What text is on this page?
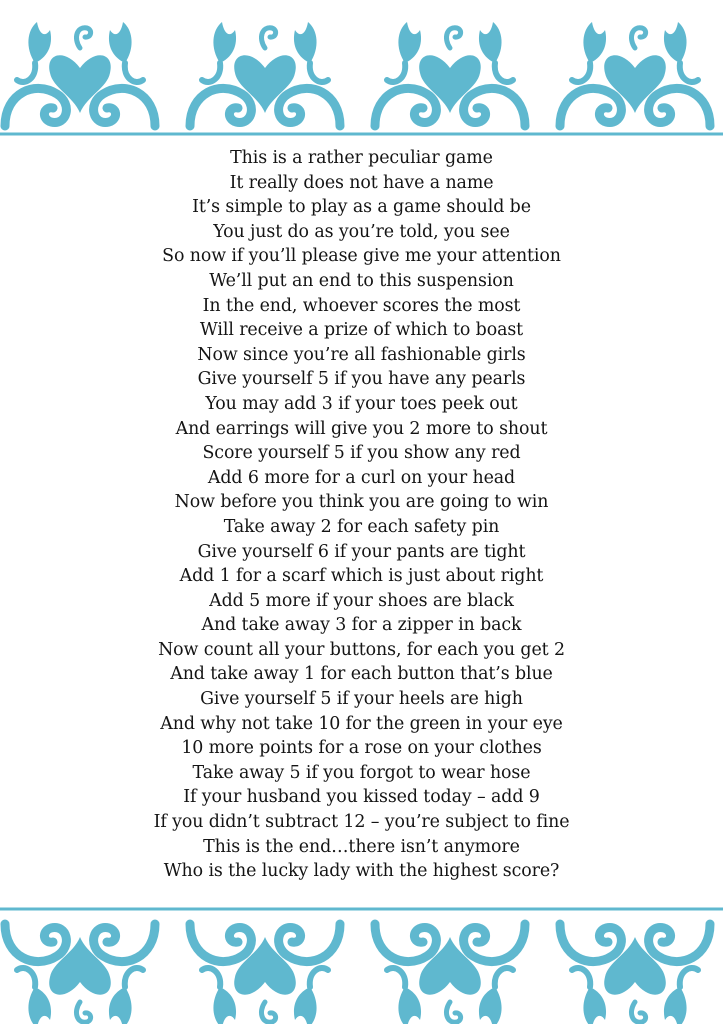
This is a rather peculiar game
It really does not have a name
It’s simple to play as a game should be
You just do as you’re told, you see
So now if you’ll please give me your attention
We’ll put an end to this suspension
In the end, whoever scores the most
Will receive a prize of which to boast
Now since you’re all fashionable girls
Give yourself 5 if you have any pearls
You may add 3 if your toes peek out
And earrings will give you 2 more to shout
Score yourself 5 if you show any red
Add 6 more for a curl on your head
Now before you think you are going to win
Take away 2 for each safety pin
Give yourself 6 if your pants are tight
Add 1 for a scarf which is just about right
Add 5 more if your shoes are black
And take away 3 for a zipper in back
Now count all your buttons, for each you get 2
And take away 1 for each button that’s blue
Give yourself 5 if your heels are high
And why not take 10 for the green in your eye
10 more points for a rose on your clothes
Take away 5 if you forgot to wear hose
If your husband you kissed today – add 9
If you didn’t subtract 12 – you’re subject to fine
This is the end…there isn’t anymore
Who is the lucky lady with the highest score?
